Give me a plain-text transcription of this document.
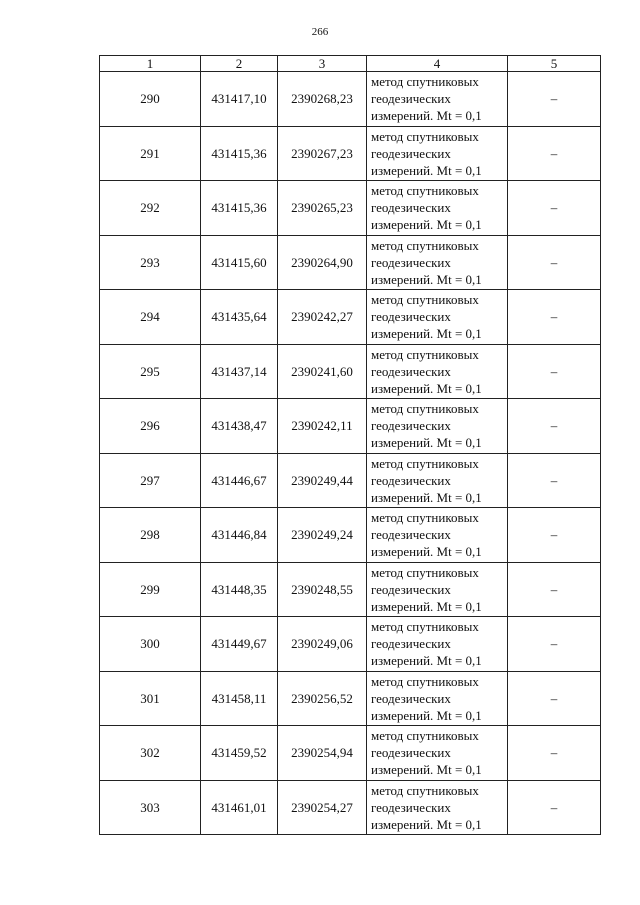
266
1	2	3	4	5
290	431417,10	2390268,23	метод спутниковых
геодезических
измерений. Mt = 0,1	–
291	431415,36	2390267,23	метод спутниковых
геодезических
измерений. Mt = 0,1	–
292	431415,36	2390265,23	метод спутниковых
геодезических
измерений. Mt = 0,1	–
293	431415,60	2390264,90	метод спутниковых
геодезических
измерений. Mt = 0,1	–
294	431435,64	2390242,27	метод спутниковых
геодезических
измерений. Mt = 0,1	–
295	431437,14	2390241,60	метод спутниковых
геодезических
измерений. Mt = 0,1	–
296	431438,47	2390242,11	метод спутниковых
геодезических
измерений. Mt = 0,1	–
297	431446,67	2390249,44	метод спутниковых
геодезических
измерений. Mt = 0,1	–
298	431446,84	2390249,24	метод спутниковых
геодезических
измерений. Mt = 0,1	–
299	431448,35	2390248,55	метод спутниковых
геодезических
измерений. Mt = 0,1	–
300	431449,67	2390249,06	метод спутниковых
геодезических
измерений. Mt = 0,1	–
301	431458,11	2390256,52	метод спутниковых
геодезических
измерений. Mt = 0,1	–
302	431459,52	2390254,94	метод спутниковых
геодезических
измерений. Mt = 0,1	–
303	431461,01	2390254,27	метод спутниковых
геодезических
измерений. Mt = 0,1	–
